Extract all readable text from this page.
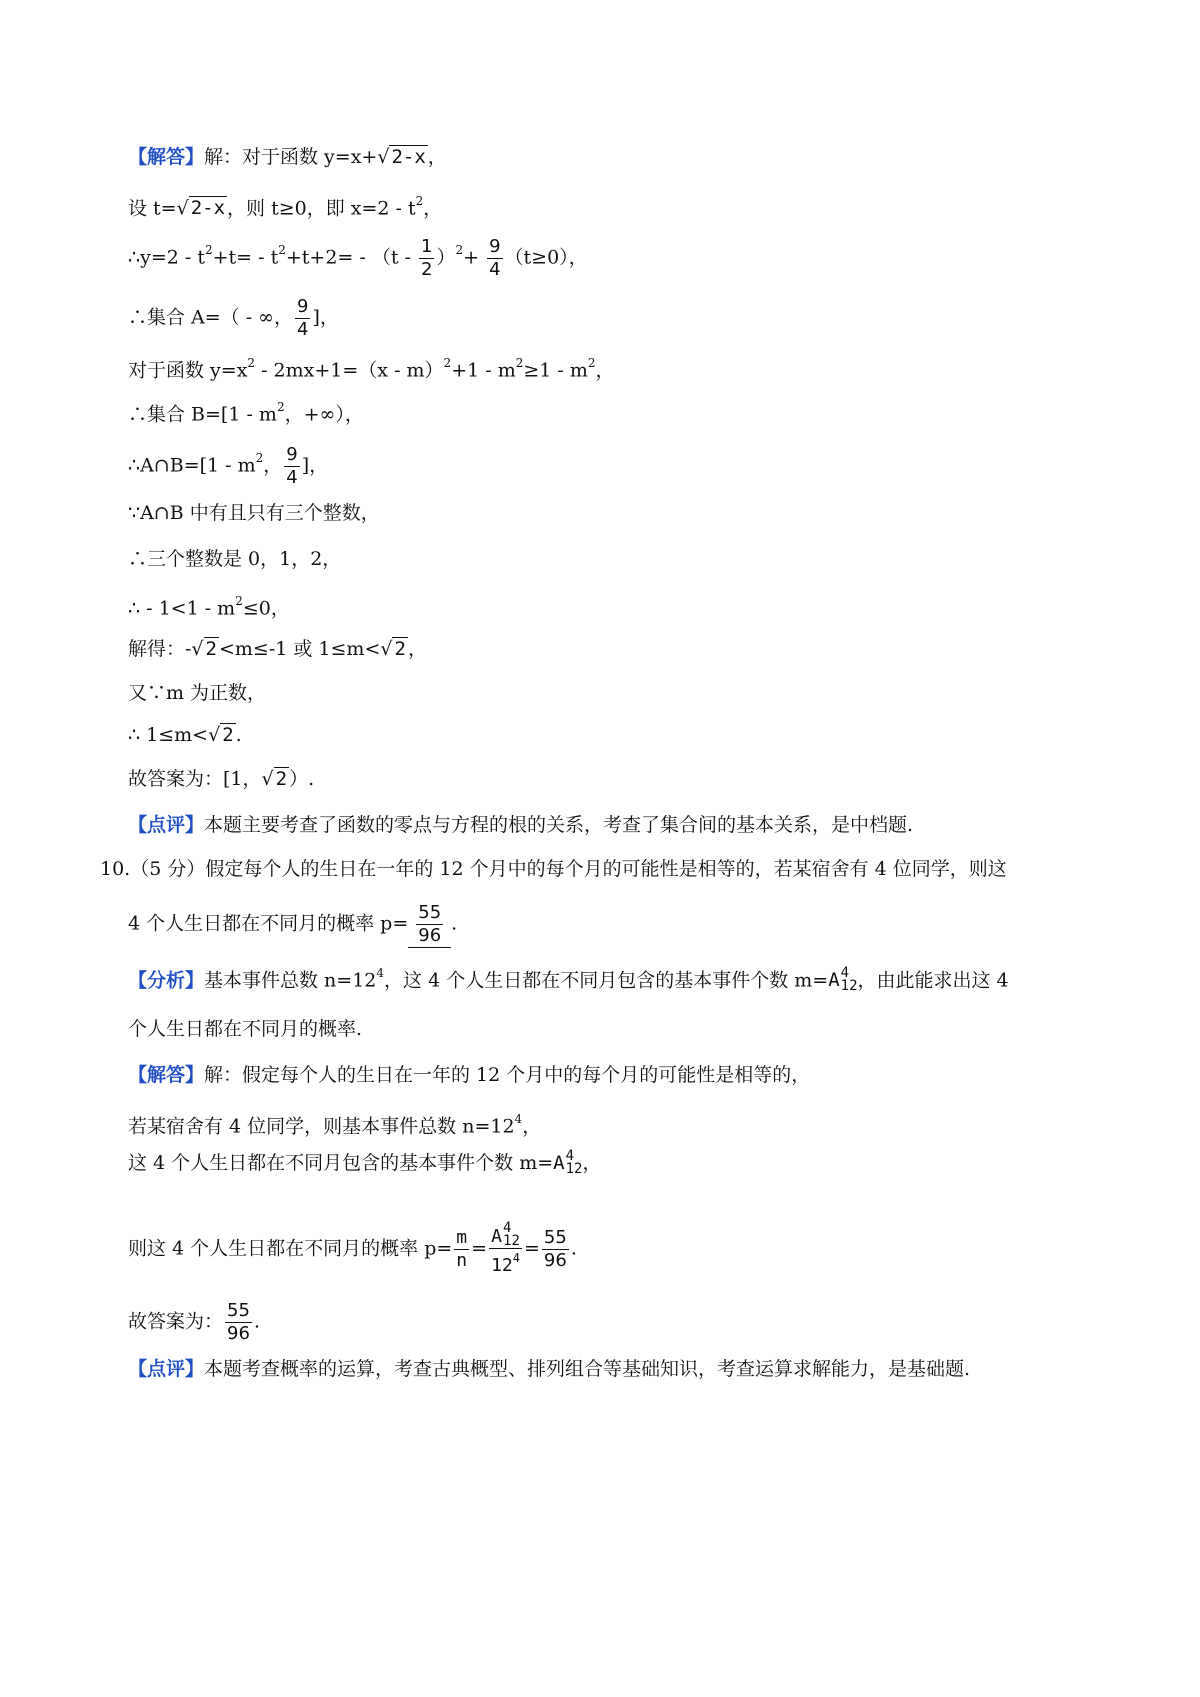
【解答】解：对于函数 y=x+√ 2-x ，
设 t=√ 2-x ，则 t≥0，即 $x=2 - t^2$，
∴y=2 - $t^2+t= - t^2+t+2= - (t - \frac{1}{2} )^2+ \frac{9}{4} (t\ge 0)$，
∴集合 A=（ - ∞， $\frac{9}{4}$ ]，
对于函数 $y=x^2 - 2mx+1=(x - m)^2+1 - m^2\ge 1 - m^2$，
∴集合 $B=[1 - m^2$，+∞），
∴A∩B=[1 - $m^2$， $\frac{9}{4}$ ]，
∵A∩B 中有且只有三个整数，
∴三个整数是 0，1，2，
∴ - $1<1 - m^2\le 0$，
解得：-√ 2 <m≤-1 或 1≤m<√ 2 ，
又∵m 为正数，
∴ 1≤m<√ 2 .
故答案为：[1，√ 2 ）.
【点评】本题主要考查了函数的零点与方程的根的关系，考查了集合间的基本关系，是中档题.
10.（5 分）假定每个人的生日在一年的 12 个月中的每个月的可能性是相等的，若某宿舍有 4 位同学，则这
4 个人生日都在不同月的概率 $p= \frac{55}{96}$ .
【分析】基本事件总数 $n=12^4$，这 4 个人生日都在不同月包含的基本事件个数 m= A 4
12 ，由此能求出这 4
个人生日都在不同月的概率.
【解答】解：假定每个人的生日在一年的 12 个月中的每个月的可能性是相等的，
若某宿舍有 4 位同学，则基本事件总数 $n=12^4$，
这 4 个人生日都在不同月包含的基本事件个数 m= A 4
12 ，
则这 4 个人生日都在不同月的概率 $p= \frac{m}{n} = A$ 4
12
$12^4 = \frac{55}{96}$ .
故答案为： $\frac{55}{96}$ .
【点评】本题考查概率的运算，考查古典概型、排列组合等基础知识，考查运算求解能力，是基础题.
